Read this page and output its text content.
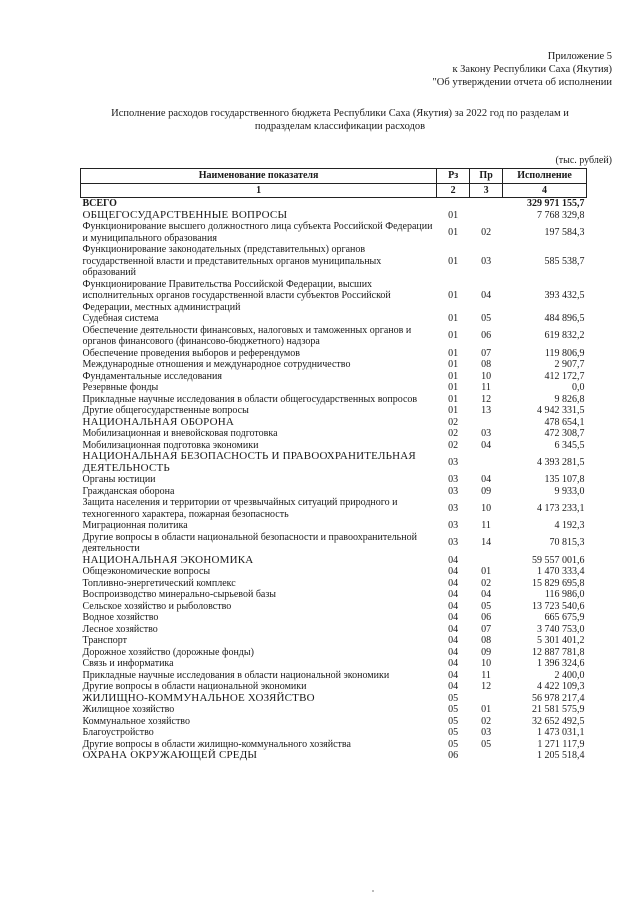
Приложение 5
к Закону Республики Саха (Якутия)
"Об утверждении отчета об исполнении
Исполнение расходов государственного бюджета Республики Саха (Якутия) за 2022 год по разделам и
подразделам классификации расходов
(тыс. рублей)
Наименование показателя	Рз	Пр	Исполнение
1	2	3	4
ВСЕГО			329 971 155,7
ОБЩЕГОСУДАРСТВЕННЫЕ ВОПРОСЫ	01		7 768 329,8
Функционирование высшего должностного лица субъекта Российской Федерации и муниципального образования	01	02	197 584,3
Функционирование законодательных (представительных) органов государственной власти и представительных органов муниципальных образований	01	03	585 538,7
Функционирование Правительства Российской Федерации, высших исполнительных органов государственной власти субъектов Российской Федерации, местных администраций	01	04	393 432,5
Судебная система	01	05	484 896,5
Обеспечение деятельности финансовых, налоговых и таможенных органов и органов финансового (финансово-бюджетного) надзора	01	06	619 832,2
Обеспечение проведения выборов и референдумов	01	07	119 806,9
Международные отношения и международное сотрудничество	01	08	2 907,7
Фундаментальные исследования	01	10	412 172,7
Резервные фонды	01	11	0,0
Прикладные научные исследования в области общегосударственных вопросов	01	12	9 826,8
Другие общегосударственные вопросы	01	13	4 942 331,5
НАЦИОНАЛЬНАЯ ОБОРОНА	02		478 654,1
Мобилизационная и вневойсковая подготовка	02	03	472 308,7
Мобилизационная подготовка экономики	02	04	6 345,5
НАЦИОНАЛЬНАЯ БЕЗОПАСНОСТЬ И ПРАВООХРАНИТЕЛЬНАЯ ДЕЯТЕЛЬНОСТЬ	03		4 393 281,5
Органы юстиции	03	04	135 107,8
Гражданская оборона	03	09	9 933,0
Защита населения и территории от чрезвычайных ситуаций природного и техногенного характера, пожарная безопасность	03	10	4 173 233,1
Миграционная политика	03	11	4 192,3
Другие вопросы в области национальной безопасности и правоохранительной деятельности	03	14	70 815,3
НАЦИОНАЛЬНАЯ ЭКОНОМИКА	04		59 557 001,6
Общеэкономические вопросы	04	01	1 470 333,4
Топливно-энергетический комплекс	04	02	15 829 695,8
Воспроизводство минерально-сырьевой базы	04	04	116 986,0
Сельское хозяйство и рыболовство	04	05	13 723 540,6
Водное хозяйство	04	06	665 675,9
Лесное хозяйство	04	07	3 740 753,0
Транспорт	04	08	5 301 401,2
Дорожное хозяйство (дорожные фонды)	04	09	12 887 781,8
Связь и информатика	04	10	1 396 324,6
Прикладные научные исследования в области национальной экономики	04	11	2 400,0
Другие вопросы в области национальной экономики	04	12	4 422 109,3
ЖИЛИЩНО-КОММУНАЛЬНОЕ ХОЗЯЙСТВО	05		56 978 217,4
Жилищное хозяйство	05	01	21 581 575,9
Коммунальное хозяйство	05	02	32 652 492,5
Благоустройство	05	03	1 473 031,1
Другие вопросы в области жилищно-коммунального хозяйства	05	05	1 271 117,9
ОХРАНА ОКРУЖАЮЩЕЙ СРЕДЫ	06		1 205 518,4
